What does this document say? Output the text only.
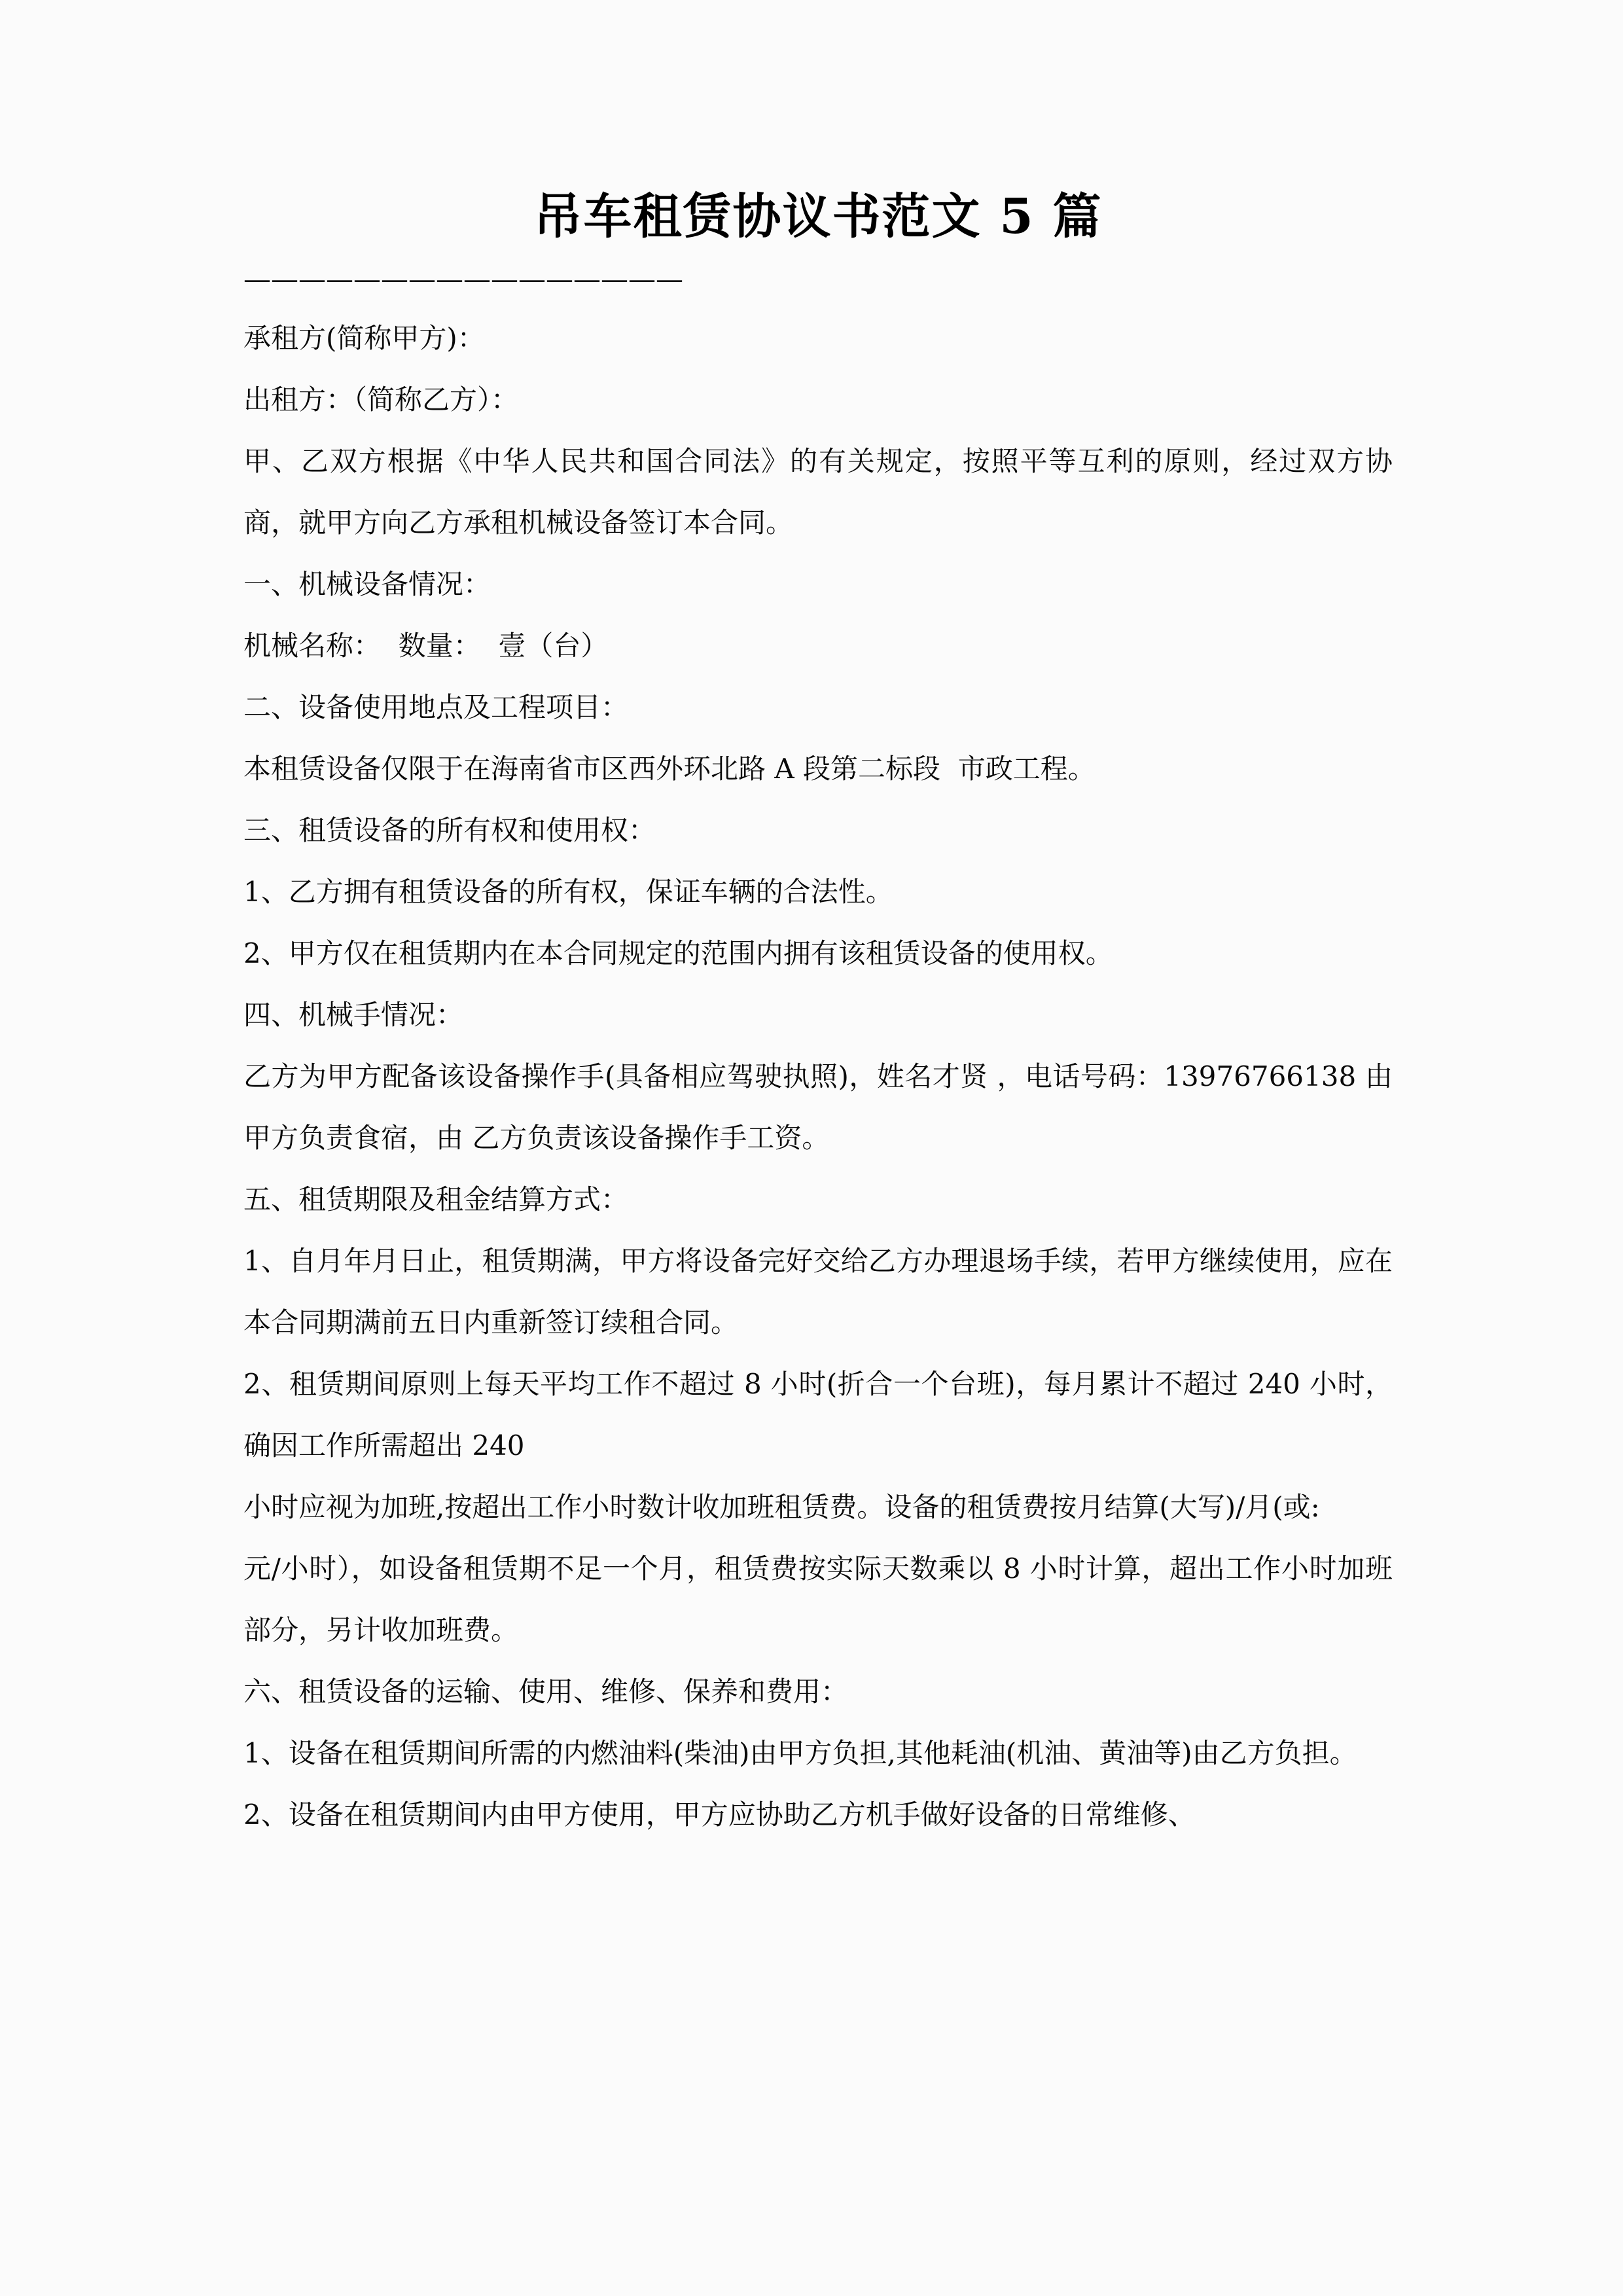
吊车租赁协议书范文 5 篇
————————————————

承租方(简称甲方)：

出租方：（简称乙方）：

甲、乙双方根据《中华人民共和国合同法》的有关规定，按照平等互利的原则，经过双方协商，就甲方向乙方承租机械设备签订本合同。

一、机械设备情况：

机械名称：  数量：  壹（台）

二、设备使用地点及工程项目：

本租赁设备仅限于在海南省市区西外环北路 A 段第二标段  市政工程。

三、租赁设备的所有权和使用权：

1、乙方拥有租赁设备的所有权，保证车辆的合法性。

2、甲方仅在租赁期内在本合同规定的范围内拥有该租赁设备的使用权。

四、机械手情况：

乙方为甲方配备该设备操作手(具备相应驾驶执照)，姓名才贤 ，电话号码：13976766138 由甲方负责食宿，由 乙方负责该设备操作手工资。

五、租赁期限及租金结算方式：

1、自月年月日止，租赁期满，甲方将设备完好交给乙方办理退场手续，若甲方继续使用，应在本合同期满前五日内重新签订续租合同。

2、租赁期间原则上每天平均工作不超过 8 小时(折合一个台班)，每月累计不超过 240 小时，确因工作所需超出 240

小时应视为加班,按超出工作小时数计收加班租赁费。设备的租赁费按月结算(大写)/月(或:

元/小时），如设备租赁期不足一个月，租赁费按实际天数乘以 8 小时计算，超出工作小时加班部分，另计收加班费。

六、租赁设备的运输、使用、维修、保养和费用：

1、设备在租赁期间所需的内燃油料(柴油)由甲方负担,其他耗油(机油、黄油等)由乙方负担。

2、设备在租赁期间内由甲方使用，甲方应协助乙方机手做好设备的日常维修、
